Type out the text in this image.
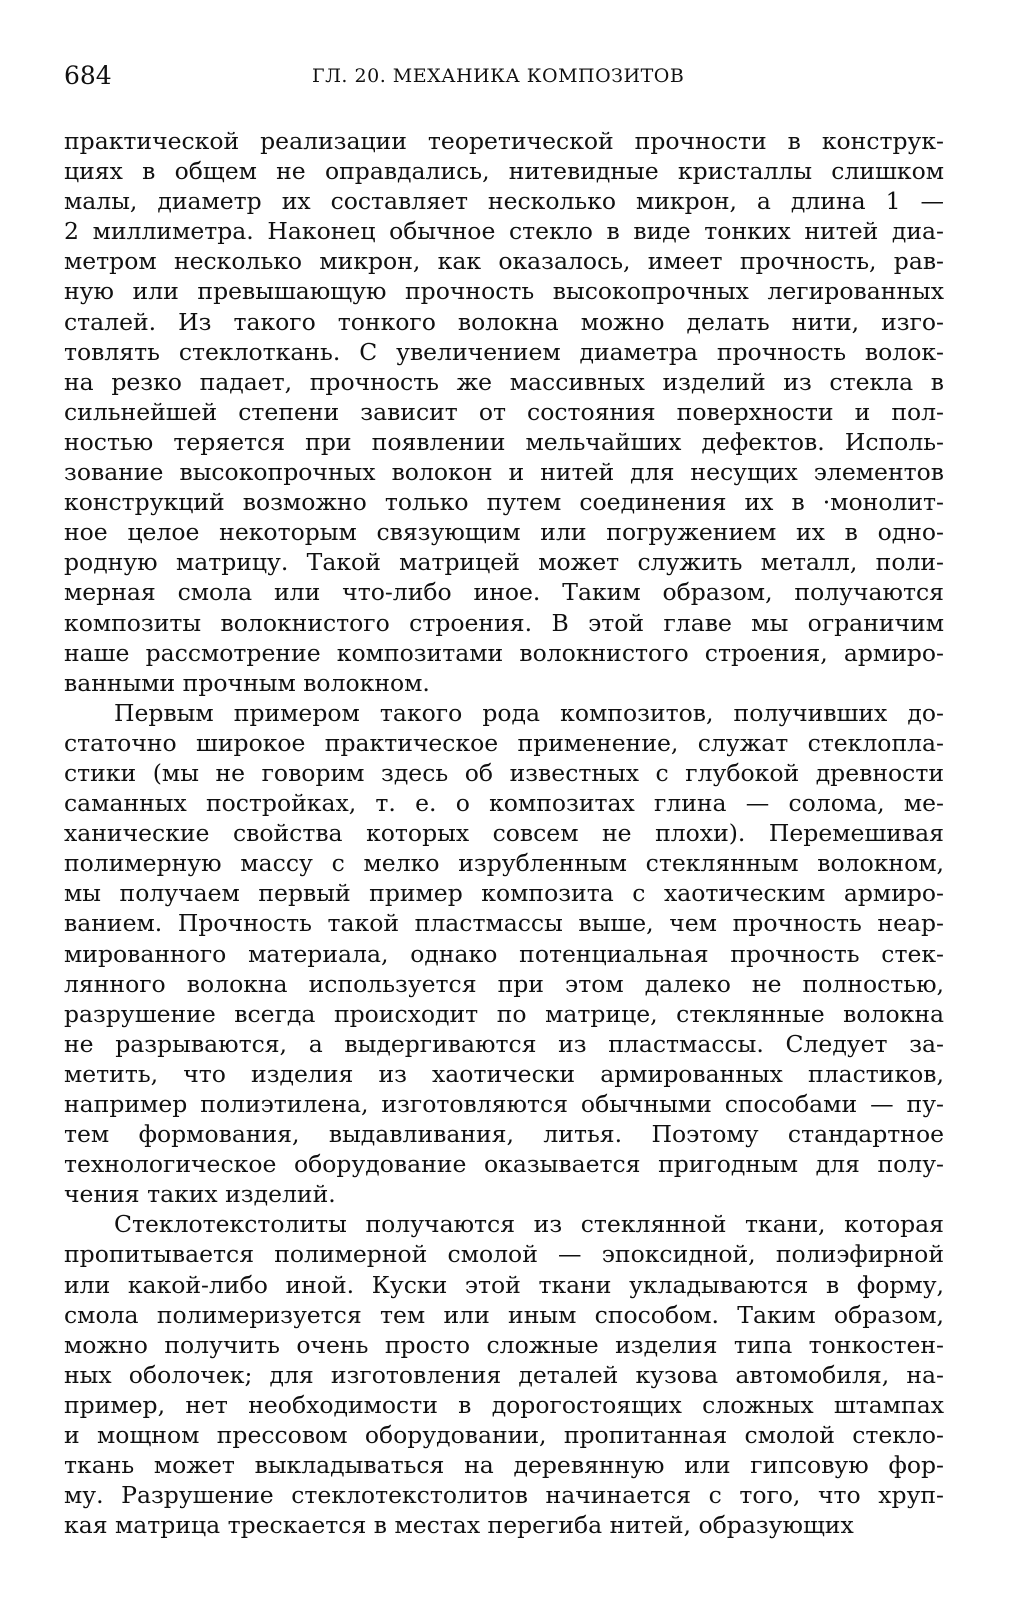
684	ГЛ. 20. МЕХАНИКА КОМПОЗИТОВ
практической реализации теоретической прочности в конструк-
циях в общем не оправдались, нитевидные кристаллы слишком
малы, диаметр их составляет несколько микрон, а длина 1 —
2 миллиметра. Наконец обычное стекло в виде тонких нитей диа-
метром несколько микрон, как оказалось, имеет прочность, рав-
ную или превышающую прочность высокопрочных легированных
сталей. Из такого тонкого волокна можно делать нити, изго-
товлять стеклоткань. С увеличением диаметра прочность волок-
на резко падает, прочность же массивных изделий из стекла в
сильнейшей степени зависит от состояния поверхности и пол-
ностью теряется при появлении мельчайших дефектов. Исполь-
зование высокопрочных волокон и нитей для несущих элементов
конструкций возможно только путем соединения их в ·монолит-
ное целое некоторым связующим или погружением их в одно-
родную матрицу. Такой матрицей может служить металл, поли-
мерная смола или что-либо иное. Таким образом, получаются
композиты волокнистого строения. В этой главе мы ограничим
наше рассмотрение композитами волокнистого строения, армиро-
ванными прочным волокном.
Первым примером такого рода композитов, получивших до-
статочно широкое практическое применение, служат стеклопла-
стики (мы не говорим здесь об известных с глубокой древности
саманных постройках, т. е. о композитах глина — солома, ме-
ханические свойства которых совсем не плохи). Перемешивая
полимерную массу с мелко изрубленным стеклянным волокном,
мы получаем первый пример композита с хаотическим армиро-
ванием. Прочность такой пластмассы выше, чем прочность неар-
мированного материала, однако потенциальная прочность стек-
лянного волокна используется при этом далеко не полностью,
разрушение всегда происходит по матрице, стеклянные волокна
не разрываются, а выдергиваются из пластмассы. Следует за-
метить, что изделия из хаотически армированных пластиков,
например полиэтилена, изготовляются обычными способами — пу-
тем формования, выдавливания, литья. Поэтому стандартное
технологическое оборудование оказывается пригодным для полу-
чения таких изделий.
Стеклотекстолиты получаются из стеклянной ткани, которая
пропитывается полимерной смолой — эпоксидной, полиэфирной
или какой-либо иной. Куски этой ткани укладываются в форму,
смола полимеризуется тем или иным способом. Таким образом,
можно получить очень просто сложные изделия типа тонкостен-
ных оболочек; для изготовления деталей кузова автомобиля, на-
пример, нет необходимости в дорогостоящих сложных штампах
и мощном прессовом оборудовании, пропитанная смолой стекло-
ткань может выкладываться на деревянную или гипсовую фор-
му. Разрушение стеклотекстолитов начинается с того, что хруп-
кая матрица трескается в местах перегиба нитей, образующих
